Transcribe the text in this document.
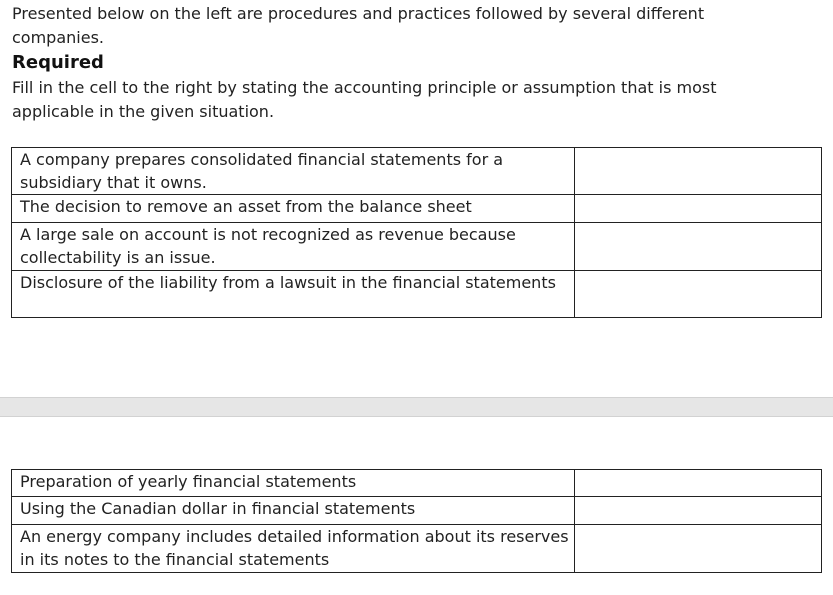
Presented below on the left are procedures and practices followed by several different companies.
Required
Fill in the cell to the right by stating the accounting principle or assumption that is most applicable in the given situation.
A company prepares consolidated financial statements for a subsidiary that it owns.	

The decision to remove an asset from the balance sheet	

A large sale on account is not recognized as revenue because collectability is an issue.	

Disclosure of the liability from a lawsuit in the financial statements	
Preparation of yearly financial statements	

Using the Canadian dollar in financial statements	

An energy company includes detailed information about its reserves in its notes to the financial statements	
